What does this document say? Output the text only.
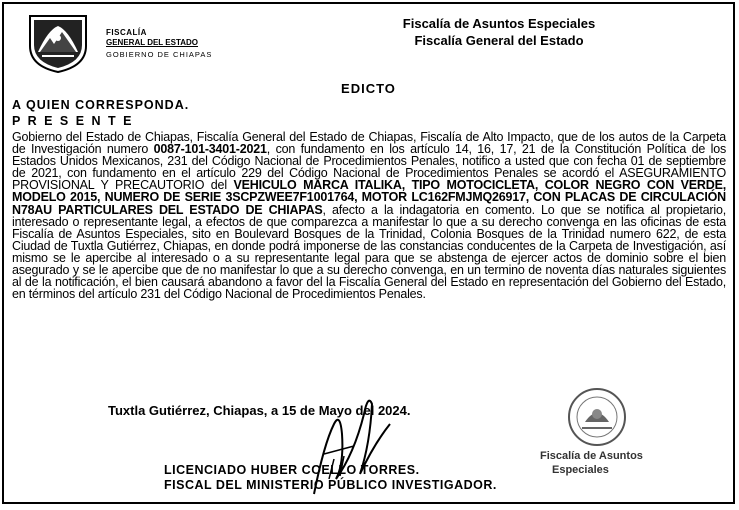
FISCALÍA
GENERAL DEL ESTADO
GOBIERNO DE CHIAPAS
Fiscalía de Asuntos Especiales
Fiscalía General del Estado
EDICTO
A QUIEN CORRESPONDA.
P R E S E N T E
Gobierno del Estado de Chiapas, Fiscalía General del Estado de Chiapas, Fiscalía de Alto Impacto, que de los autos de la Carpeta de Investigación numero 0087-101-3401-2021, con fundamento en los artículo 14, 16, 17, 21 de la Constitución Política de los Estados Unidos Mexicanos, 231 del Código Nacional de Procedimientos Penales, notifico a usted que con fecha 01 de septiembre de 2021, con fundamento en el artículo 229 del Código Nacional de Procedimientos Penales se acordó el ASEGURAMIENTO PROVISIONAL Y PRECAUTORIO del VEHICULO MARCA ITALIKA, TIPO MOTOCICLETA, COLOR NEGRO CON VERDE, MODELO 2015, NUMERO DE SERIE 3SCPZWEE7F1001764, MOTOR LC162FMJMQ26917, CON PLACAS DE CIRCULACIÓN N78AU PARTICULARES DEL ESTADO DE CHIAPAS, afecto a la indagatoria en comento. Lo que se notifica al propietario, interesado o representante legal, a efectos de que comparezca a manifestar lo que a su derecho convenga en las oficinas de esta Fiscalía de Asuntos Especiales, sito en Boulevard Bosques de la Trinidad, Colonia Bosques de la Trinidad numero 622, de esta Ciudad de Tuxtla Gutiérrez, Chiapas, en donde podrá imponerse de las constancias conducentes de la Carpeta de Investigación, así mismo se le apercibe al interesado o a su representante legal para que se abstenga de ejercer actos de dominio sobre el bien asegurado y se le apercibe que de no manifestar lo que a su derecho convenga, en un termino de noventa días naturales siguientes al de la notificación, el bien causará abandono a favor del la Fiscalía General del Estado en representación del Gobierno del Estado, en términos del artículo 231 del Código Nacional de Procedimientos Penales.
Tuxtla Gutiérrez, Chiapas, a 15 de Mayo del 2024.
Fiscalía de Asuntos
Especiales
LICENCIADO HUBER COELLO TORRES.
FISCAL DEL MINISTERIO PÚBLICO INVESTIGADOR.
